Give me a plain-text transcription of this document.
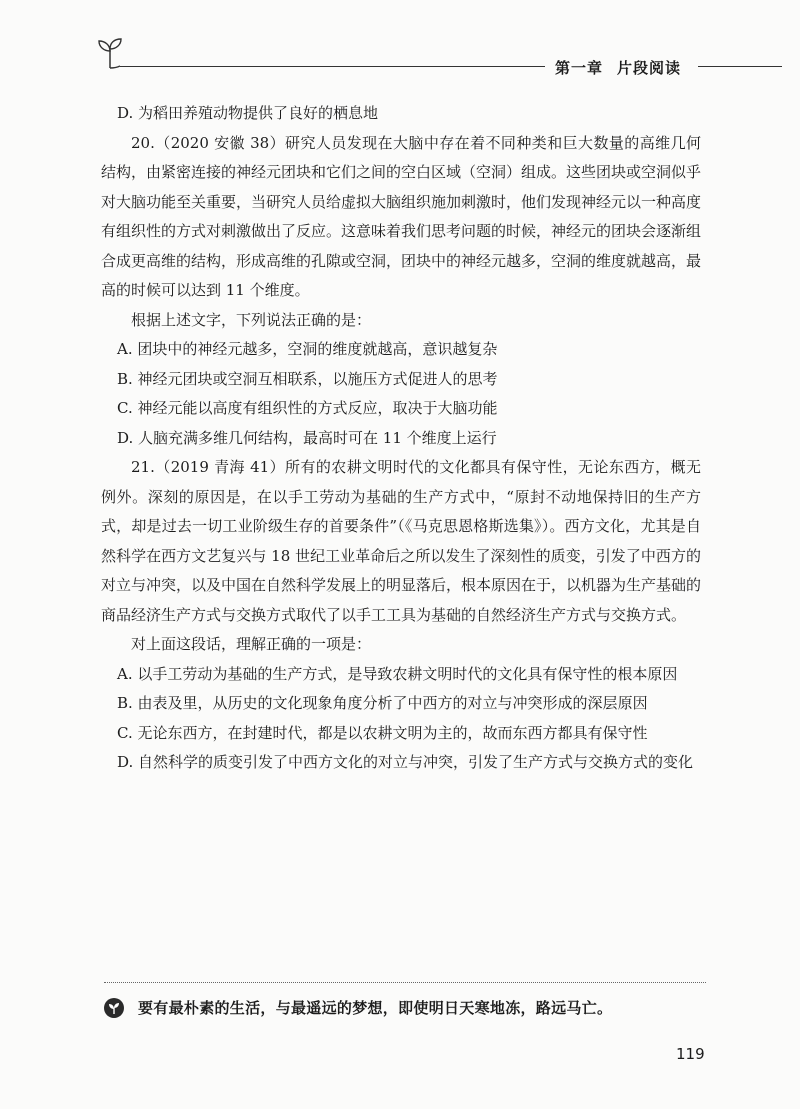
第一章 片段阅读
D. 为稻田养殖动物提供了良好的栖息地
20.（2020 安徽 38）研究人员发现在大脑中存在着不同种类和巨大数量的高维几何结构，由紧密连接的神经元团块和它们之间的空白区域（空洞）组成。这些团块或空洞似乎对大脑功能至关重要，当研究人员给虚拟大脑组织施加刺激时，他们发现神经元以一种高度有组织性的方式对刺激做出了反应。这意味着我们思考问题的时候，神经元的团块会逐渐组合成更高维的结构，形成高维的孔隙或空洞，团块中的神经元越多，空洞的维度就越高，最高的时候可以达到 11 个维度。
根据上述文字，下列说法正确的是：
A. 团块中的神经元越多，空洞的维度就越高，意识越复杂
B. 神经元团块或空洞互相联系，以施压方式促进人的思考
C. 神经元能以高度有组织性的方式反应，取决于大脑功能
D. 人脑充满多维几何结构，最高时可在 11 个维度上运行
21.（2019 青海 41）所有的农耕文明时代的文化都具有保守性，无论东西方，概无例外。深刻的原因是，在以手工劳动为基础的生产方式中，“原封不动地保持旧的生产方式，却是过去一切工业阶级生存的首要条件”（《马克思恩格斯选集》）。西方文化，尤其是自然科学在西方文艺复兴与 18 世纪工业革命后之所以发生了深刻性的质变，引发了中西方的对立与冲突，以及中国在自然科学发展上的明显落后，根本原因在于，以机器为生产基础的商品经济生产方式与交换方式取代了以手工工具为基础的自然经济生产方式与交换方式。
对上面这段话，理解正确的一项是：
A. 以手工劳动为基础的生产方式，是导致农耕文明时代的文化具有保守性的根本原因
B. 由表及里，从历史的文化现象角度分析了中西方的对立与冲突形成的深层原因
C. 无论东西方，在封建时代，都是以农耕文明为主的，故而东西方都具有保守性
D. 自然科学的质变引发了中西方文化的对立与冲突，引发了生产方式与交换方式的变化
要有最朴素的生活，与最遥远的梦想，即使明日天寒地冻，路远马亡。
119
